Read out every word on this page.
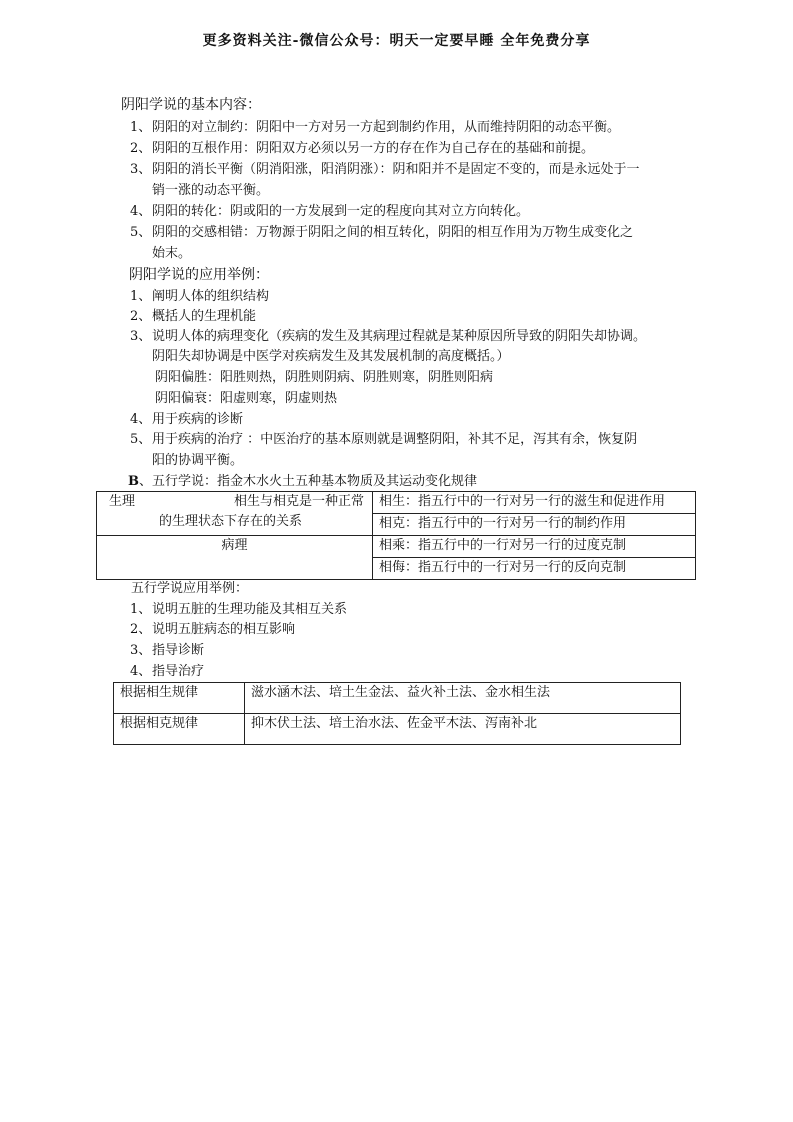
更多资料关注-微信公众号：明天一定要早睡 全年免费分享
阴阳学说的基本内容：
1、阴阳的对立制约：阴阳中一方对另一方起到制约作用，从而维持阴阳的动态平衡。
2、阴阳的互根作用：阴阳双方必须以另一方的存在作为自己存在的基础和前提。
3、阴阳的消长平衡（阴消阳涨，阳消阴涨）：阴和阳并不是固定不变的，而是永远处于一
销一涨的动态平衡。
4、阴阳的转化：阴或阳的一方发展到一定的程度向其对立方向转化。
5、阴阳的交感相错：万物源于阴阳之间的相互转化，阴阳的相互作用为万物生成变化之
始末。
阴阳学说的应用举例：
1、阐明人体的组织结构
2、概括人的生理机能
3、说明人体的病理变化（疾病的发生及其病理过程就是某种原因所导致的阴阳失却协调。
阴阳失却协调是中医学对疾病发生及其发展机制的高度概括。）
阴阳偏胜：阳胜则热，阴胜则阴病、阴胜则寒，阴胜则阳病
阴阳偏衰：阳虚则寒，阴虚则热
4、用于疾病的诊断
5、用于疾病的治疗 ：中医治疗的基本原则就是调整阴阳，补其不足，泻其有余，恢复阴
阳的协调平衡。
B、五行学说：指金木水火土五种基本物质及其运动变化规律
生理 相生与相克是一种正常
的生理状态下存在的关系	相生：指五行中的一行对另一行的滋生和促进作用
	相克：指五行中的一行对另一行的制约作用
病理	相乘：指五行中的一行对另一行的过度克制
	相侮：指五行中的一行对另一行的反向克制
五行学说应用举例：
1、说明五脏的生理功能及其相互关系
2、说明五脏病态的相互影响
3、指导诊断
4、指导治疗
根据相生规律	滋水涵木法、培土生金法、益火补土法、金水相生法
根据相克规律	抑木伏土法、培土治水法、佐金平木法、泻南补北
